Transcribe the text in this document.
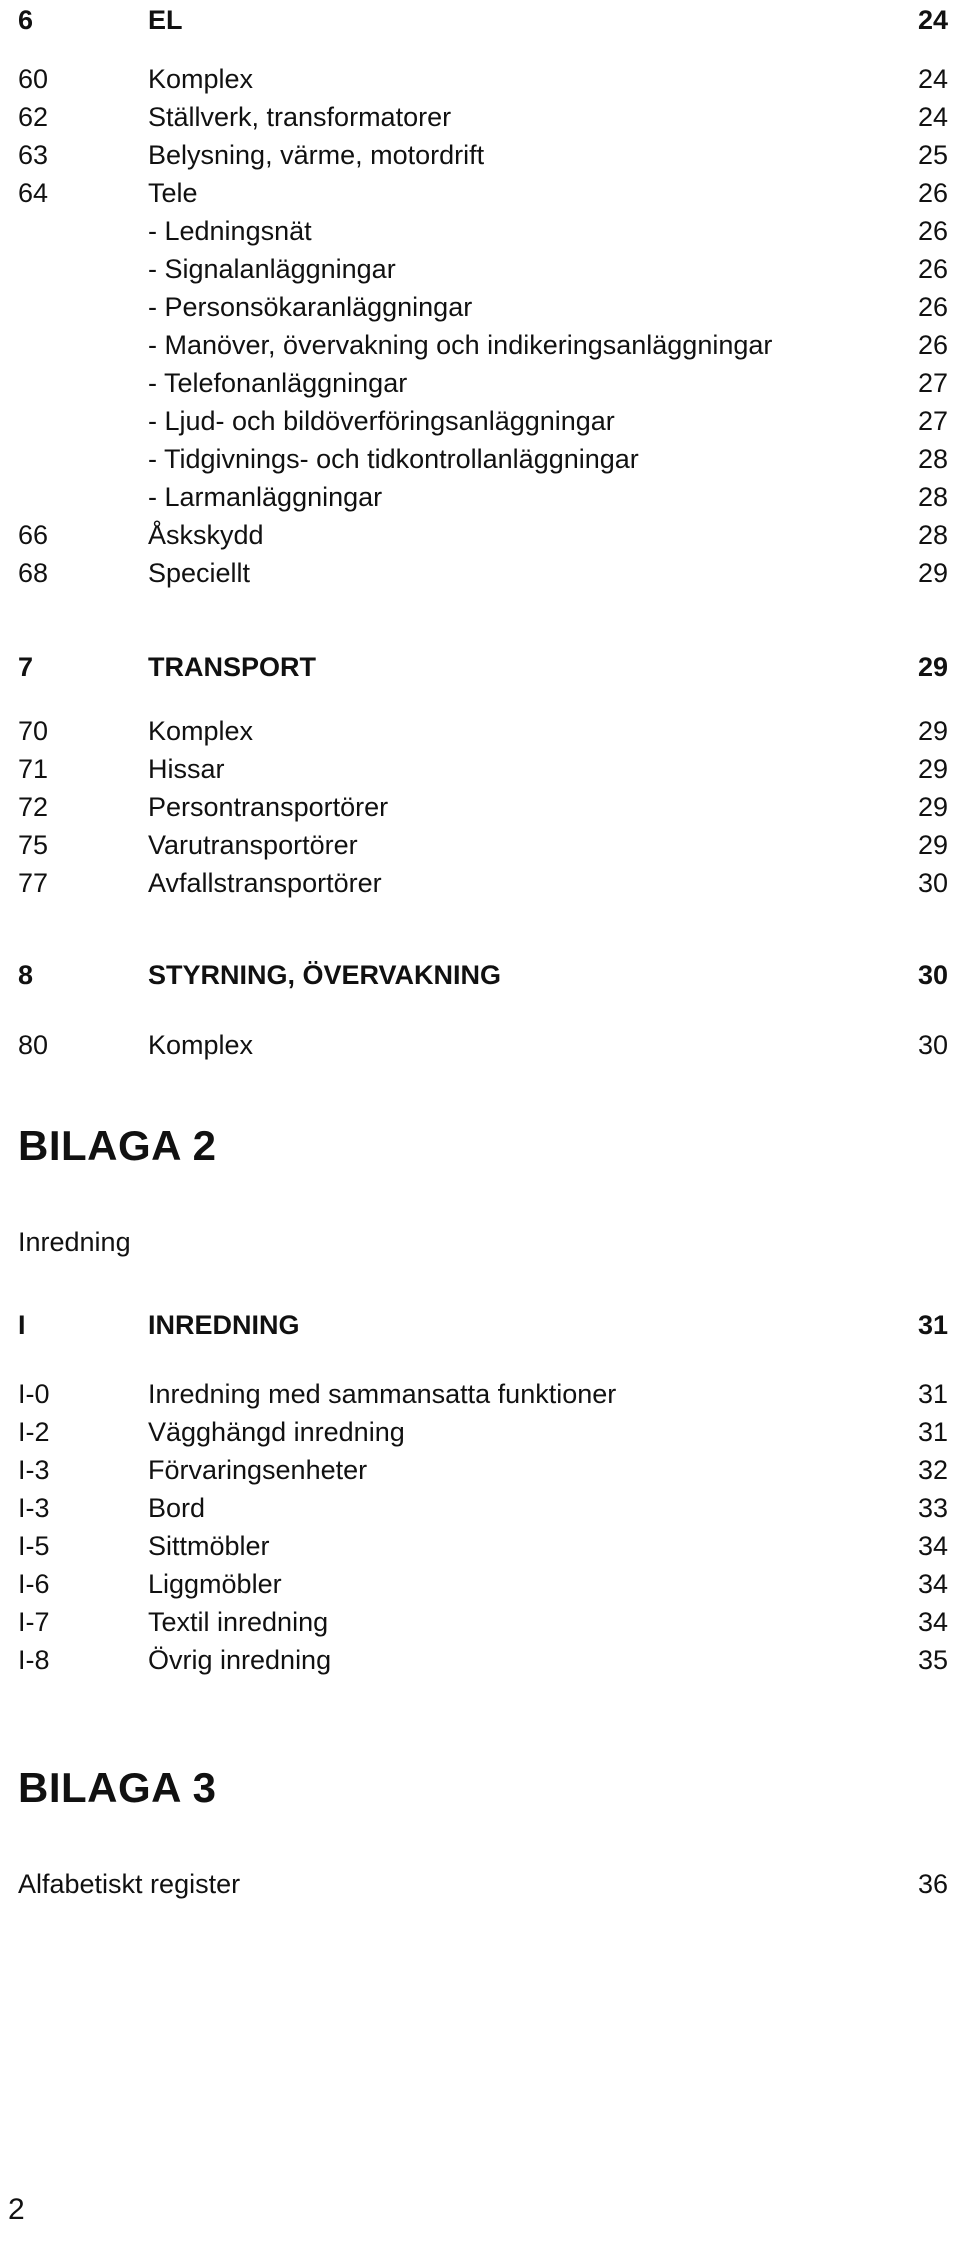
6	EL	24
60	Komplex	24
62	Ställverk, transformatorer	24
63	Belysning, värme, motordrift	25
64	Tele	26
- Ledningsnät	26
- Signalanläggningar	26
- Personsökaranläggningar	26
- Manöver, övervakning och indikeringsanläggningar	26
- Telefonanläggningar	27
- Ljud- och bildöverföringsanläggningar	27
- Tidgivnings- och tidkontrollanläggningar	28
- Larmanläggningar	28
66	Åskskydd	28
68	Speciellt	29
7	TRANSPORT	29
70	Komplex	29
71	Hissar	29
72	Persontransportörer	29
75	Varutransportörer	29
77	Avfallstransportörer	30
8	STYRNING, ÖVERVAKNING	30
80	Komplex	30
BILAGA 2
Inredning
I	INREDNING	31
I-0	Inredning med sammansatta funktioner	31
I-2	Vägghängd inredning	31
I-3	Förvaringsenheter	32
I-3	Bord	33
I-5	Sittmöbler	34
I-6	Liggmöbler	34
I-7	Textil inredning	34
I-8	Övrig inredning	35
BILAGA 3
Alfabetiskt register	36
2
